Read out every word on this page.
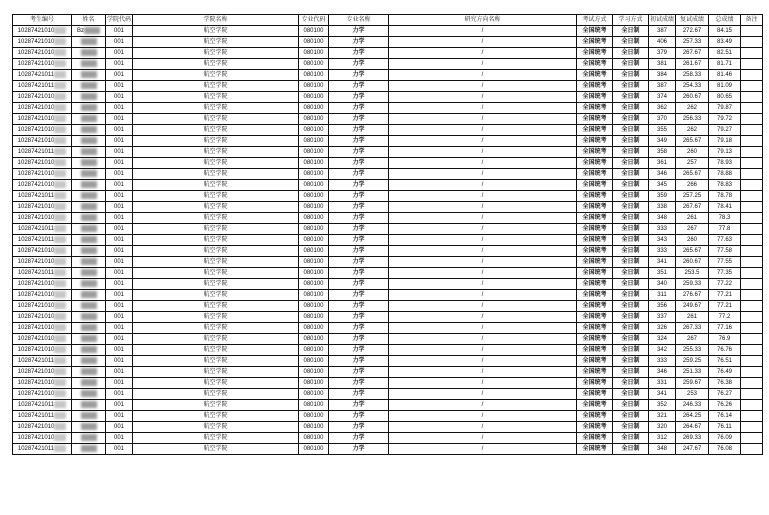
考生编号	姓名	学院代码	学院名称	专业代码	专业名称	研究方向名称	考试方式	学习方式	初试成绩	复试成绩	总成绩	备注
10287421010	Bz	001	航空学院	080100	力学	/	全国统考	全日制	387	272.67	84.15	
10287421010		001	航空学院	080100	力学	/	全国统考	全日制	406	257.33	83.49	
10287421010		001	航空学院	080100	力学	/	全国统考	全日制	379	267.67	82.51	
10287421010		001	航空学院	080100	力学	/	全国统考	全日制	381	261.67	81.71	
10287421011		001	航空学院	080100	力学	/	全国统考	全日制	384	258.33	81.46	
10287421011		001	航空学院	080100	力学	/	全国统考	全日制	387	254.33	81.09	
10287421010		001	航空学院	080100	力学	/	全国统考	全日制	374	260.67	80.65	
10287421010		001	航空学院	080100	力学	/	全国统考	全日制	362	262	79.87	
10287421010		001	航空学院	080100	力学	/	全国统考	全日制	370	256.33	79.72	
10287421010		001	航空学院	080100	力学	/	全国统考	全日制	355	262	79.27	
10287421010		001	航空学院	080100	力学	/	全国统考	全日制	349	265.67	79.18	
10287421011		001	航空学院	080100	力学	/	全国统考	全日制	358	260	79.13	
10287421010		001	航空学院	080100	力学	/	全国统考	全日制	361	257	78.93	
10287421010		001	航空学院	080100	力学	/	全国统考	全日制	346	265.67	78.88	
10287421010		001	航空学院	080100	力学	/	全国统考	全日制	345	266	78.83	
10287421011		001	航空学院	080100	力学	/	全国统考	全日制	359	257.25	78.78	
10287421010		001	航空学院	080100	力学	/	全国统考	全日制	338	267.67	78.41	
10287421010		001	航空学院	080100	力学	/	全国统考	全日制	348	261	78.3	
10287421011		001	航空学院	080100	力学	/	全国统考	全日制	333	267	77.8	
10287421011		001	航空学院	080100	力学	/	全国统考	全日制	343	260	77.63	
10287421010		001	航空学院	080100	力学	/	全国统考	全日制	333	265.67	77.58	
10287421010		001	航空学院	080100	力学	/	全国统考	全日制	341	260.67	77.55	
10287421011		001	航空学院	080100	力学	/	全国统考	全日制	351	253.5	77.35	
10287421010		001	航空学院	080100	力学	/	全国统考	全日制	340	259.33	77.22	
10287421010		001	航空学院	080100	力学	/	全国统考	全日制	311	276.67	77.21	
10287421010		001	航空学院	080100	力学	/	全国统考	全日制	356	249.67	77.21	
10287421010		001	航空学院	080100	力学	/	全国统考	全日制	337	261	77.2	
10287421010		001	航空学院	080100	力学	/	全国统考	全日制	326	267.33	77.16	
10287421010		001	航空学院	080100	力学	/	全国统考	全日制	324	267	76.9	
10287421010		001	航空学院	080100	力学	/	全国统考	全日制	342	255.33	76.76	
10287421011		001	航空学院	080100	力学	/	全国统考	全日制	333	259.25	76.51	
10287421010		001	航空学院	080100	力学	/	全国统考	全日制	346	251.33	76.49	
10287421010		001	航空学院	080100	力学	/	全国统考	全日制	331	259.67	76.38	
10287421010		001	航空学院	080100	力学	/	全国统考	全日制	341	253	76.27	
10287421011		001	航空学院	080100	力学	/	全国统考	全日制	352	246.33	76.26	
10287421011		001	航空学院	080100	力学	/	全国统考	全日制	321	264.25	76.14	
10287421010		001	航空学院	080100	力学	/	全国统考	全日制	320	264.67	76.11	
10287421010		001	航空学院	080100	力学	/	全国统考	全日制	312	269.33	76.09	
10287421011		001	航空学院	080100	力学	/	全国统考	全日制	348	247.67	76.08	
